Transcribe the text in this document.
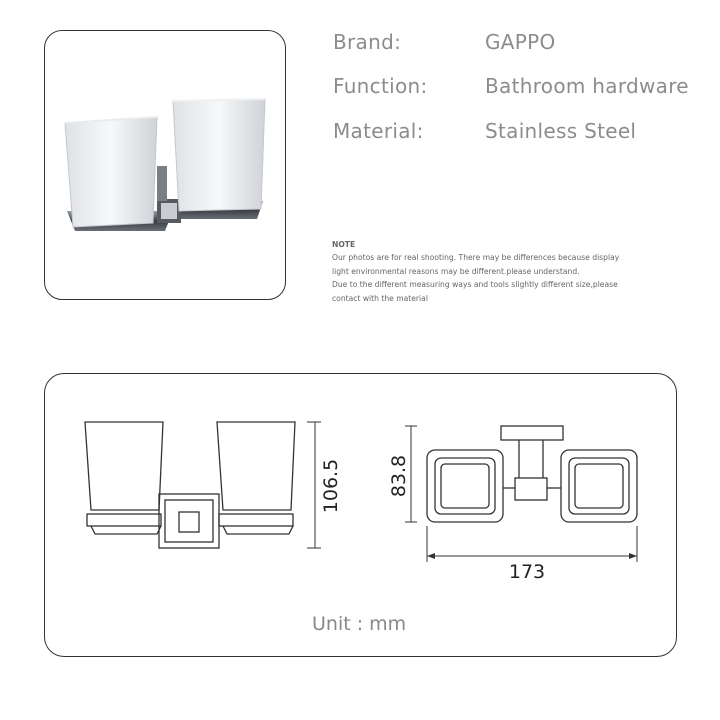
Brand:	GAPPO
Function:	Bathroom hardware
Material:	Stainless Steel
NOTE
Our photos are for real shooting. There may be differences because display
light environmental reasons may be different.please understand.
Due to the different measuring ways and tools slightly different size,please
contact with the material
106.5 83.8
173
Unit : mm
